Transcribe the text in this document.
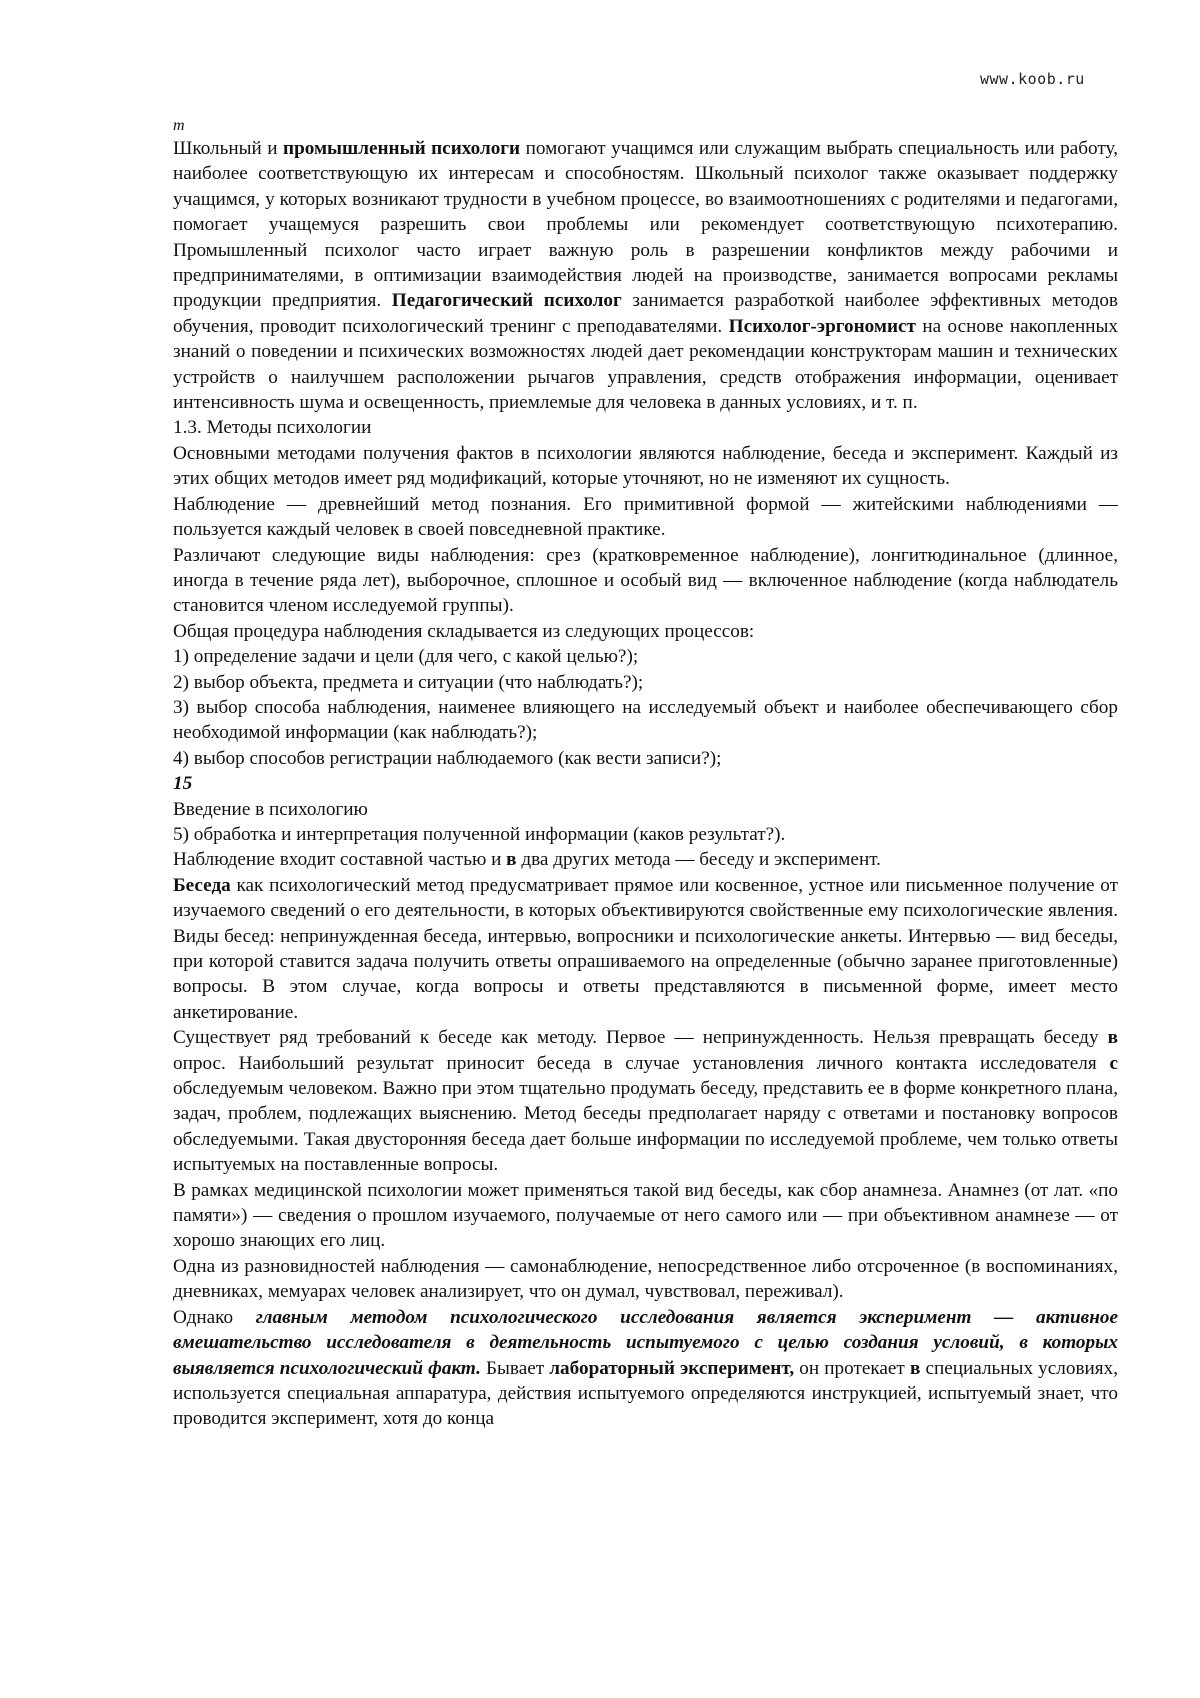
www.koob.ru

m

Школьный и промышленный психологи помогают учащимся или служащим выбрать специальность или работу, наиболее соответствующую их интересам и способностям. Школьный психолог также оказывает поддержку учащимся, у которых возникают трудности в учебном процессе, во взаимоотношениях с родителями и педагогами, помогает учащемуся разрешить свои проблемы или рекомендует соответствующую психотерапию. Промышленный психолог часто играет важную роль в разрешении конфликтов между рабочими и предпринимателями, в оптимизации взаимодействия людей на производстве, занимается вопросами рекламы продукции предприятия. Педагогический психолог занимается разработкой наиболее эффективных методов обучения, проводит психологический тренинг с преподавателями. Психолог-эргономист на основе накопленных знаний о поведении и психических возможностях людей дает рекомендации конструкторам машин и технических устройств о наилучшем расположении рычагов управления, средств отображения информации, оценивает интенсивность шума и освещенность, приемлемые для человека в данных условиях, и т. п.

1.3. Методы психологии

Основными методами получения фактов в психологии являются наблюдение, беседа и эксперимент. Каждый из этих общих методов имеет ряд модификаций, которые уточняют, но не изменяют их сущность.

Наблюдение — древнейший метод познания. Его примитивной формой — житейскими наблюдениями — пользуется каждый человек в своей повседневной практике.

Различают следующие виды наблюдения: срез (кратковременное наблюдение), лонгитюдинальное (длинное, иногда в течение ряда лет), выборочное, сплошное и особый вид — включенное наблюдение (когда наблюдатель становится членом исследуемой группы).

Общая процедура наблюдения складывается из следующих процессов:

1) определение задачи и цели (для чего, с какой целью?);

2) выбор объекта, предмета и ситуации (что наблюдать?);

3) выбор способа наблюдения, наименее влияющего на исследуемый объект и наиболее обеспечивающего сбор необходимой информации (как наблюдать?);

4) выбор способов регистрации наблюдаемого (как вести записи?);

15

Введение в психологию

5) обработка и интерпретация полученной информации (каков результат?).

Наблюдение входит составной частью и в два других метода — беседу и эксперимент.

Беседа как психологический метод предусматривает прямое или косвенное, устное или письменное получение от изучаемого сведений о его деятельности, в которых объективируются свойственные ему психологические явления. Виды бесед: непринужденная беседа, интервью, вопросники и психологические анкеты. Интервью — вид беседы, при которой ставится задача получить ответы опрашиваемого на определенные (обычно заранее приготовленные) вопросы. В этом случае, когда вопросы и ответы представляются в письменной форме, имеет место анкетирование.

Существует ряд требований к беседе как методу. Первое — непринужденность. Нельзя превращать беседу в опрос. Наибольший результат приносит беседа в случае установления личного контакта исследователя с обследуемым человеком. Важно при этом тщательно продумать беседу, представить ее в форме конкретного плана, задач, проблем, подлежащих выяснению. Метод беседы предполагает наряду с ответами и постановку вопросов обследуемыми. Такая двусторонняя беседа дает больше информации по исследуемой проблеме, чем только ответы испытуемых на поставленные вопросы.

В рамках медицинской психологии может применяться такой вид беседы, как сбор анамнеза. Анамнез (от лат. «по памяти») — сведения о прошлом изучаемого, получаемые от него самого или — при объективном анамнезе — от хорошо знающих его лиц.

Одна из разновидностей наблюдения — самонаблюдение, непосредственное либо отсроченное (в воспоминаниях, дневниках, мемуарах человек анализирует, что он думал, чувствовал, переживал).

Однако главным методом психологического исследования является эксперимент — активное вмешательство исследователя в деятельность испытуемого с целью создания условий, в которых выявляется психологический факт. Бывает лабораторный эксперимент, он протекает в специальных условиях, используется специальная аппаратура, действия испытуемого определяются инструкцией, испытуемый знает, что проводится эксперимент, хотя до конца
